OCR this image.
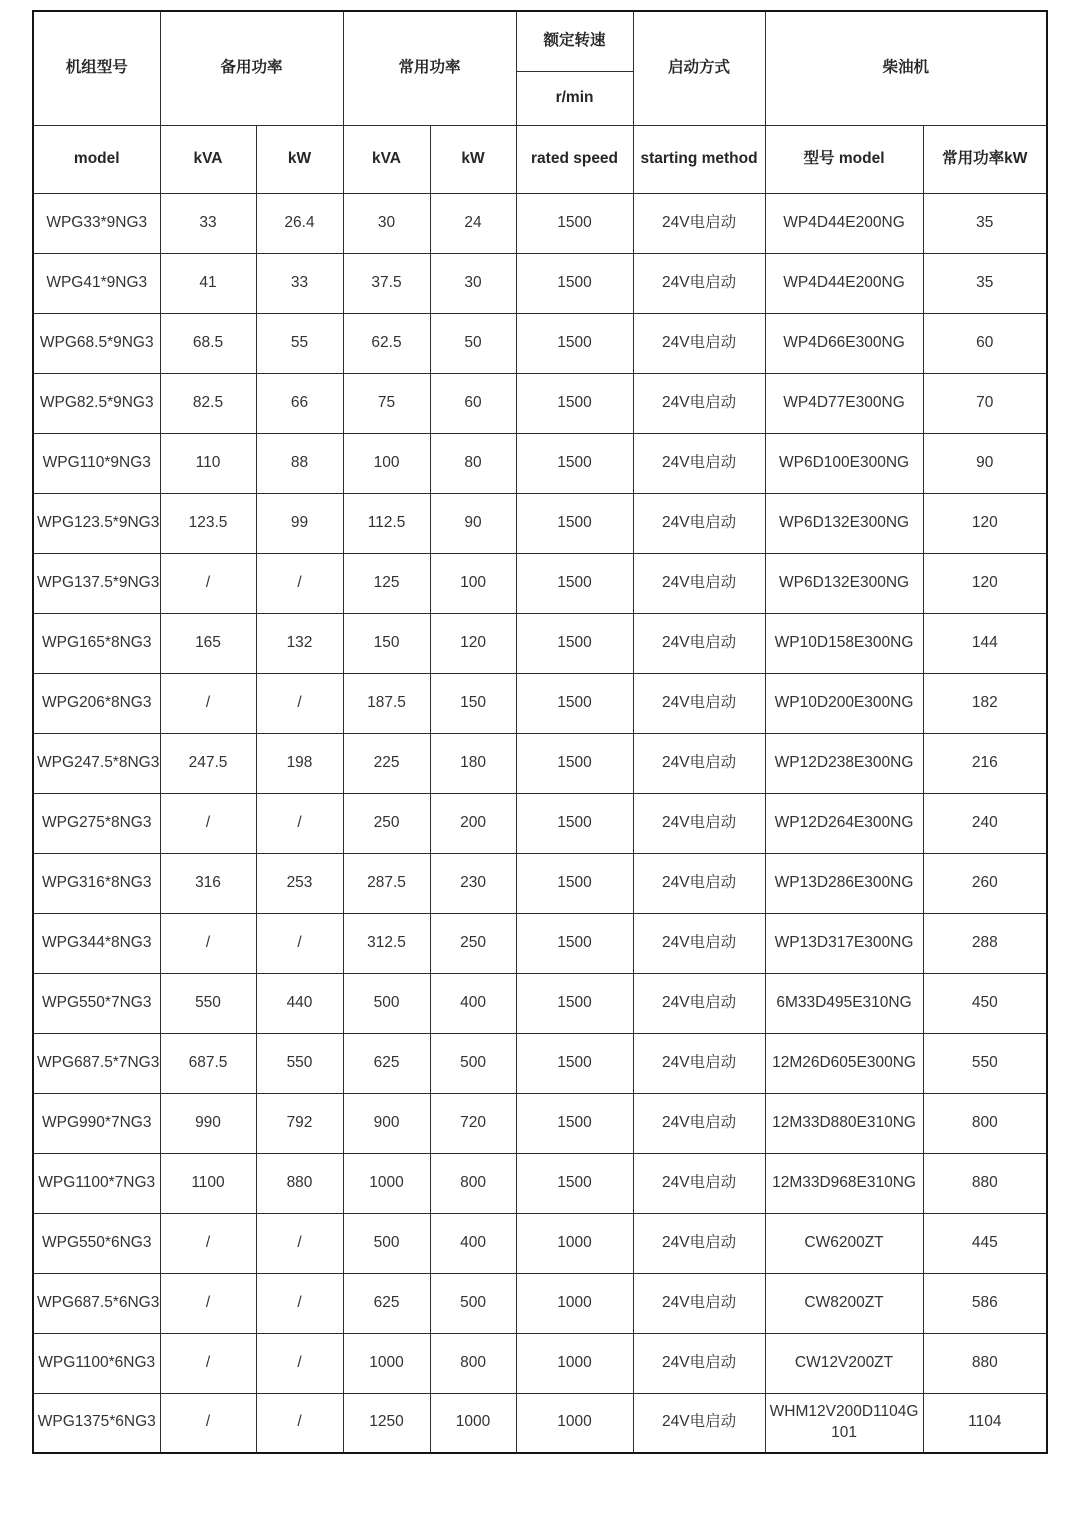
机组型号	备用功率		常用功率		额定转速	启动方式	柴油机	
					r/min			
model	kVA	kW	kVA	kW	rated speed	starting method	型号 model	常用功率kW
WPG33*9NG3	33	26.4	30	24	1500	24V电启动	WP4D44E200NG	35
WPG41*9NG3	41	33	37.5	30	1500	24V电启动	WP4D44E200NG	35
WPG68.5*9NG3	68.5	55	62.5	50	1500	24V电启动	WP4D66E300NG	60
WPG82.5*9NG3	82.5	66	75	60	1500	24V电启动	WP4D77E300NG	70
WPG110*9NG3	110	88	100	80	1500	24V电启动	WP6D100E300NG	90
WPG123.5*9NG3	123.5	99	112.5	90	1500	24V电启动	WP6D132E300NG	120
WPG137.5*9NG3	/	/	125	100	1500	24V电启动	WP6D132E300NG	120
WPG165*8NG3	165	132	150	120	1500	24V电启动	WP10D158E300NG	144
WPG206*8NG3	/	/	187.5	150	1500	24V电启动	WP10D200E300NG	182
WPG247.5*8NG3	247.5	198	225	180	1500	24V电启动	WP12D238E300NG	216
WPG275*8NG3	/	/	250	200	1500	24V电启动	WP12D264E300NG	240
WPG316*8NG3	316	253	287.5	230	1500	24V电启动	WP13D286E300NG	260
WPG344*8NG3	/	/	312.5	250	1500	24V电启动	WP13D317E300NG	288
WPG550*7NG3	550	440	500	400	1500	24V电启动	6M33D495E310NG	450
WPG687.5*7NG3	687.5	550	625	500	1500	24V电启动	12M26D605E300NG	550
WPG990*7NG3	990	792	900	720	1500	24V电启动	12M33D880E310NG	800
WPG1100*7NG3	1100	880	1000	800	1500	24V电启动	12M33D968E310NG	880
WPG550*6NG3	/	/	500	400	1000	24V电启动	CW6200ZT	445
WPG687.5*6NG3	/	/	625	500	1000	24V电启动	CW8200ZT	586
WPG1100*6NG3	/	/	1000	800	1000	24V电启动	CW12V200ZT	880
WPG1375*6NG3	/	/	1250	1000	1000	24V电启动	WHM12V200D1104G101	1104
